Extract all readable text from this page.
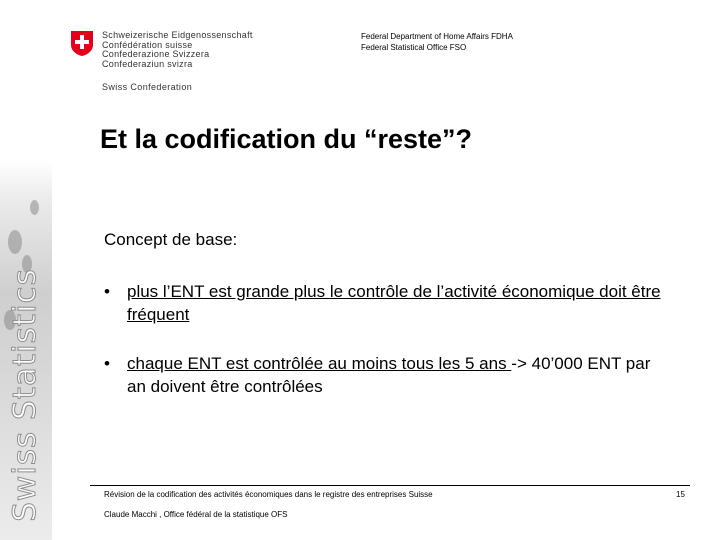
Swiss Statistics
Schweizerische Eidgenossenschaft
Confédération suisse
Confederazione Svizzera
Confederaziun svizra
Swiss Confederation
Federal Department of Home Affairs FDHA
Federal Statistical Office FSO
Et la codification du “reste”?
Concept de base:
• plus l’ENT est grande plus le contrôle de l’activité économique doit être fréquent
• chaque ENT est contrôlée au moins tous les 5 ans -> 40’000 ENT par an doivent être contrôlées
Révision de la codification des activités économiques dans le registre des entreprises Suisse
Claude Macchi , Office fédéral de la statistique OFS
15
